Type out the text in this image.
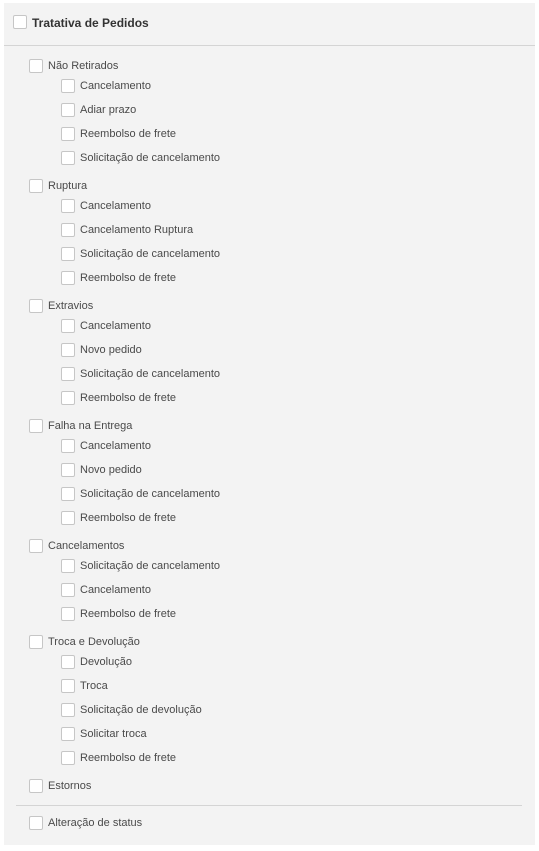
Tratativa de Pedidos
Não Retirados
Cancelamento
Adiar prazo
Reembolso de frete
Solicitação de cancelamento
Ruptura
Cancelamento
Cancelamento Ruptura
Solicitação de cancelamento
Reembolso de frete
Extravios
Cancelamento
Novo pedido
Solicitação de cancelamento
Reembolso de frete
Falha na Entrega
Cancelamento
Novo pedido
Solicitação de cancelamento
Reembolso de frete
Cancelamentos
Solicitação de cancelamento
Cancelamento
Reembolso de frete
Troca e Devolução
Devolução
Troca
Solicitação de devolução
Solicitar troca
Reembolso de frete
Estornos
Alteração de status
